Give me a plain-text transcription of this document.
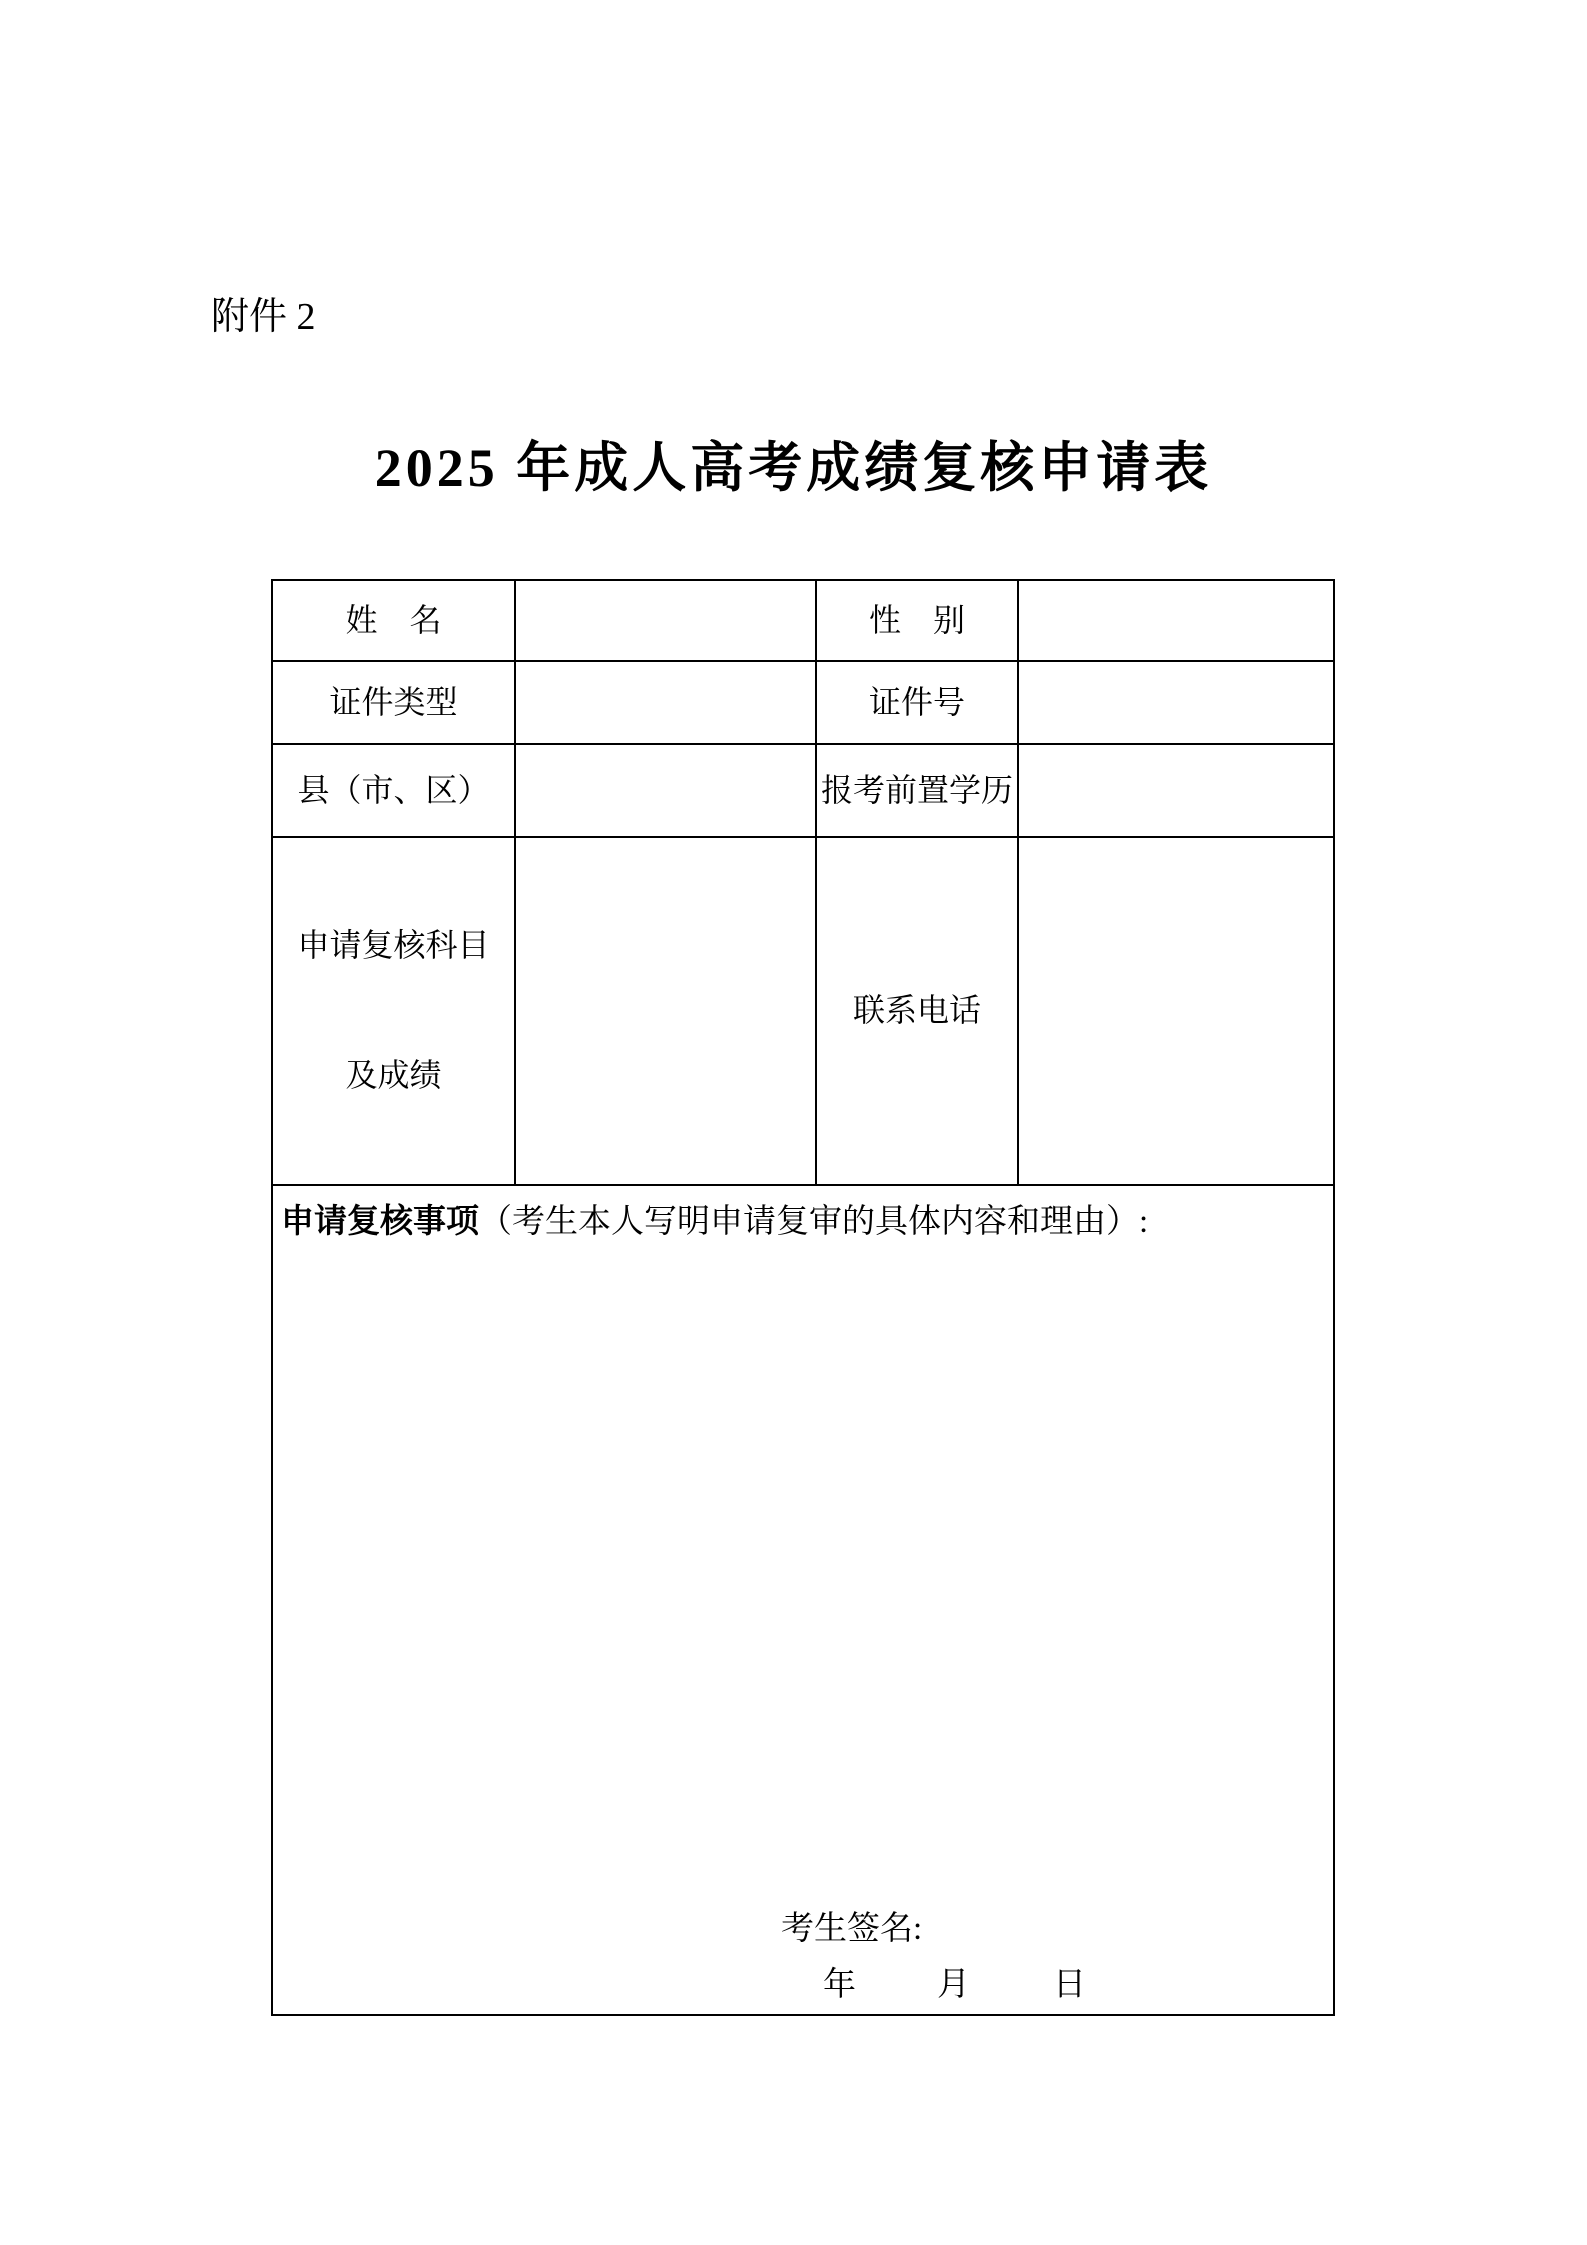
附件 2
2025 年成人高考成绩复核申请表
姓　名		性　别	
证件类型		证件号	
县（市、区）		报考前置学历	

申请复核科目

及成绩		联系电话	

申请复核事项（考生本人写明申请复审的具体内容和理由）:
考生签名:
年 月 日			
